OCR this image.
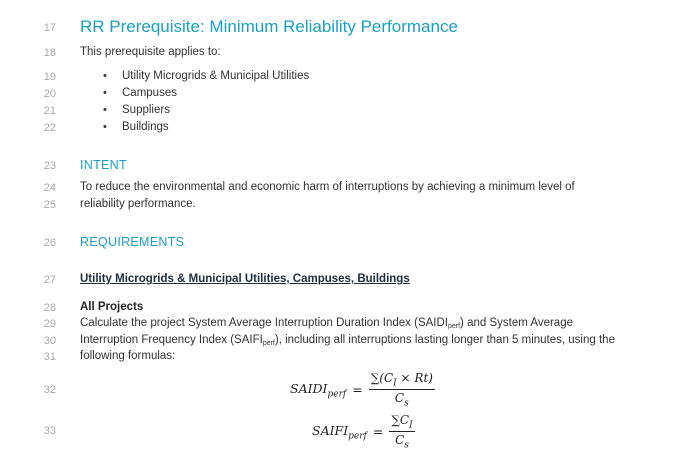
17
18
19
20
21
22
23
24
25
26
27
28
29
30
31
32
33
RR Prerequisite: Minimum Reliability Performance
This prerequisite applies to:
• Utility Microgrids & Municipal Utilities
• Campuses
• Suppliers
• Buildings
INTENT
To reduce the environmental and economic harm of interruptions by achieving a minimum level of
reliability performance.
REQUIREMENTS
Utility Microgrids & Municipal Utilities, Campuses, Buildings
All Projects
Calculate the project System Average Interruption Duration Index (SAIDIperf) and System Average
Interruption Frequency Index (SAIFIperf), including all interruptions lasting longer than 5 minutes, using the
following formulas:
$SAIDI_{perf} = \frac{\sum(C_I \times Rt)}{C_s}$
$SAIFI_{perf} = \frac{\sum C_I}{C_s}$
